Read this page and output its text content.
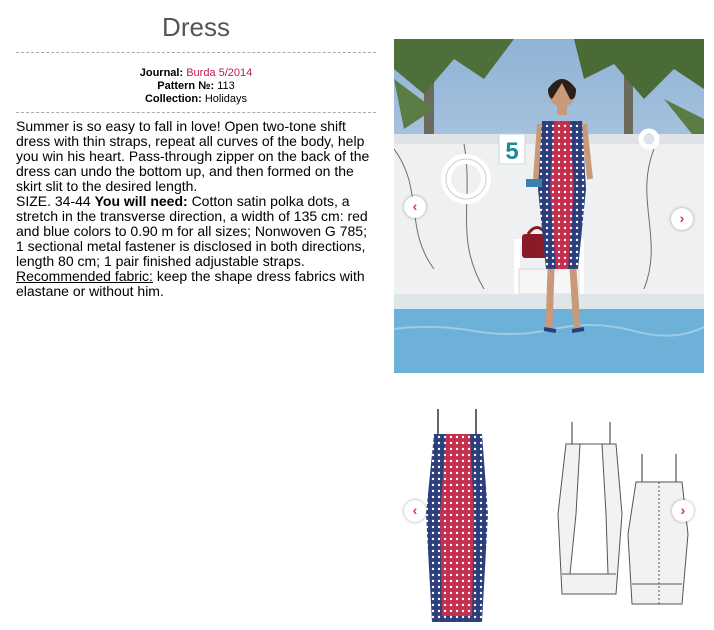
Dress
Journal: Burda 5/2014
Pattern №: 113
Collection: Holidays
Summer is so easy to fall in love! Open two-tone shift dress with thin straps, repeat all curves of the body, help you win his heart. Pass-through zipper on the back of the dress can undo the bottom up, and then formed on the skirt slit to the desired length.
SIZE. 34-44 You will need: Cotton satin polka dots, a stretch in the transverse direction, a width of 135 cm: red and blue colors to 0.90 m for all sizes; Nonwoven G 785; 1 sectional metal fastener is disclosed in both directions, length 80 cm; 1 pair finished adjustable straps. Recommended fabric: keep the shape dress fabrics with elastane or without him.
5
‹
›
‹	›
